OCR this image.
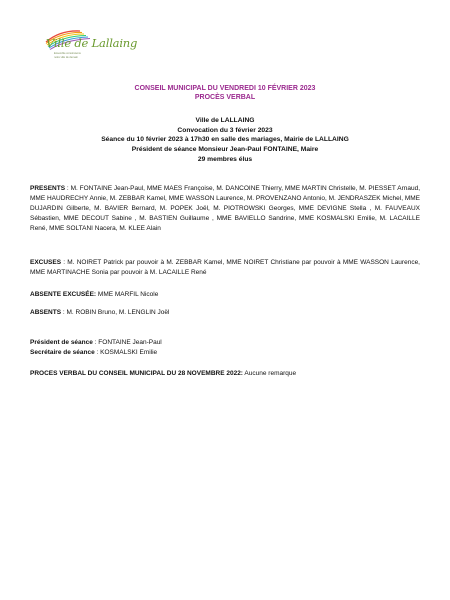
Ville de Lallaing
Ensemble construisons
notre ville de demain
CONSEIL MUNICIPAL DU VENDREDI 10 FÉVRIER 2023
PROCÈS VERBAL
Ville de LALLAING
Convocation du 3 février 2023
Séance du 10 février 2023 à 17h30 en salle des mariages, Mairie de LALLAING
Président de séance Monsieur Jean-Paul FONTAINE, Maire
29 membres élus
PRESENTS : M. FONTAINE Jean-Paul, MME MAES Françoise, M. DANCOINE Thierry, MME MARTIN Christelle, M. PIESSET Arnaud, MME HAUDRECHY Annie, M. ZEBBAR Kamel, MME WASSON Laurence, M. PROVENZANO Antonio, M. JENDRASZEK Michel, MME DUJARDIN Gilberte, M. BAVIER Bernard, M. POPEK Joël, M. PIOTROWSKI Georges, MME DEVIGNE Stella , M. FAUVEAUX Sébastien, MME DECOUT Sabine , M. BASTIEN Guillaume , MME BAVIELLO Sandrine, MME KOSMALSKI Emilie, M. LACAILLE René, MME SOLTANI Nacera, M. KLEE Alain
EXCUSES : M. NOIRET Patrick par pouvoir à M. ZEBBAR Kamel, MME NOIRET Christiane par pouvoir à MME WASSON Laurence, MME MARTINACHE Sonia par pouvoir à M. LACAILLE René
ABSENTE EXCUSÉE: MME MARFIL Nicole
ABSENTS : M. ROBIN Bruno, M. LENGLIN Joël
Président de séance : FONTAINE Jean-Paul
Secrétaire de séance : KOSMALSKI Emilie
PROCES VERBAL DU CONSEIL MUNICIPAL DU 28 NOVEMBRE 2022: Aucune remarque
